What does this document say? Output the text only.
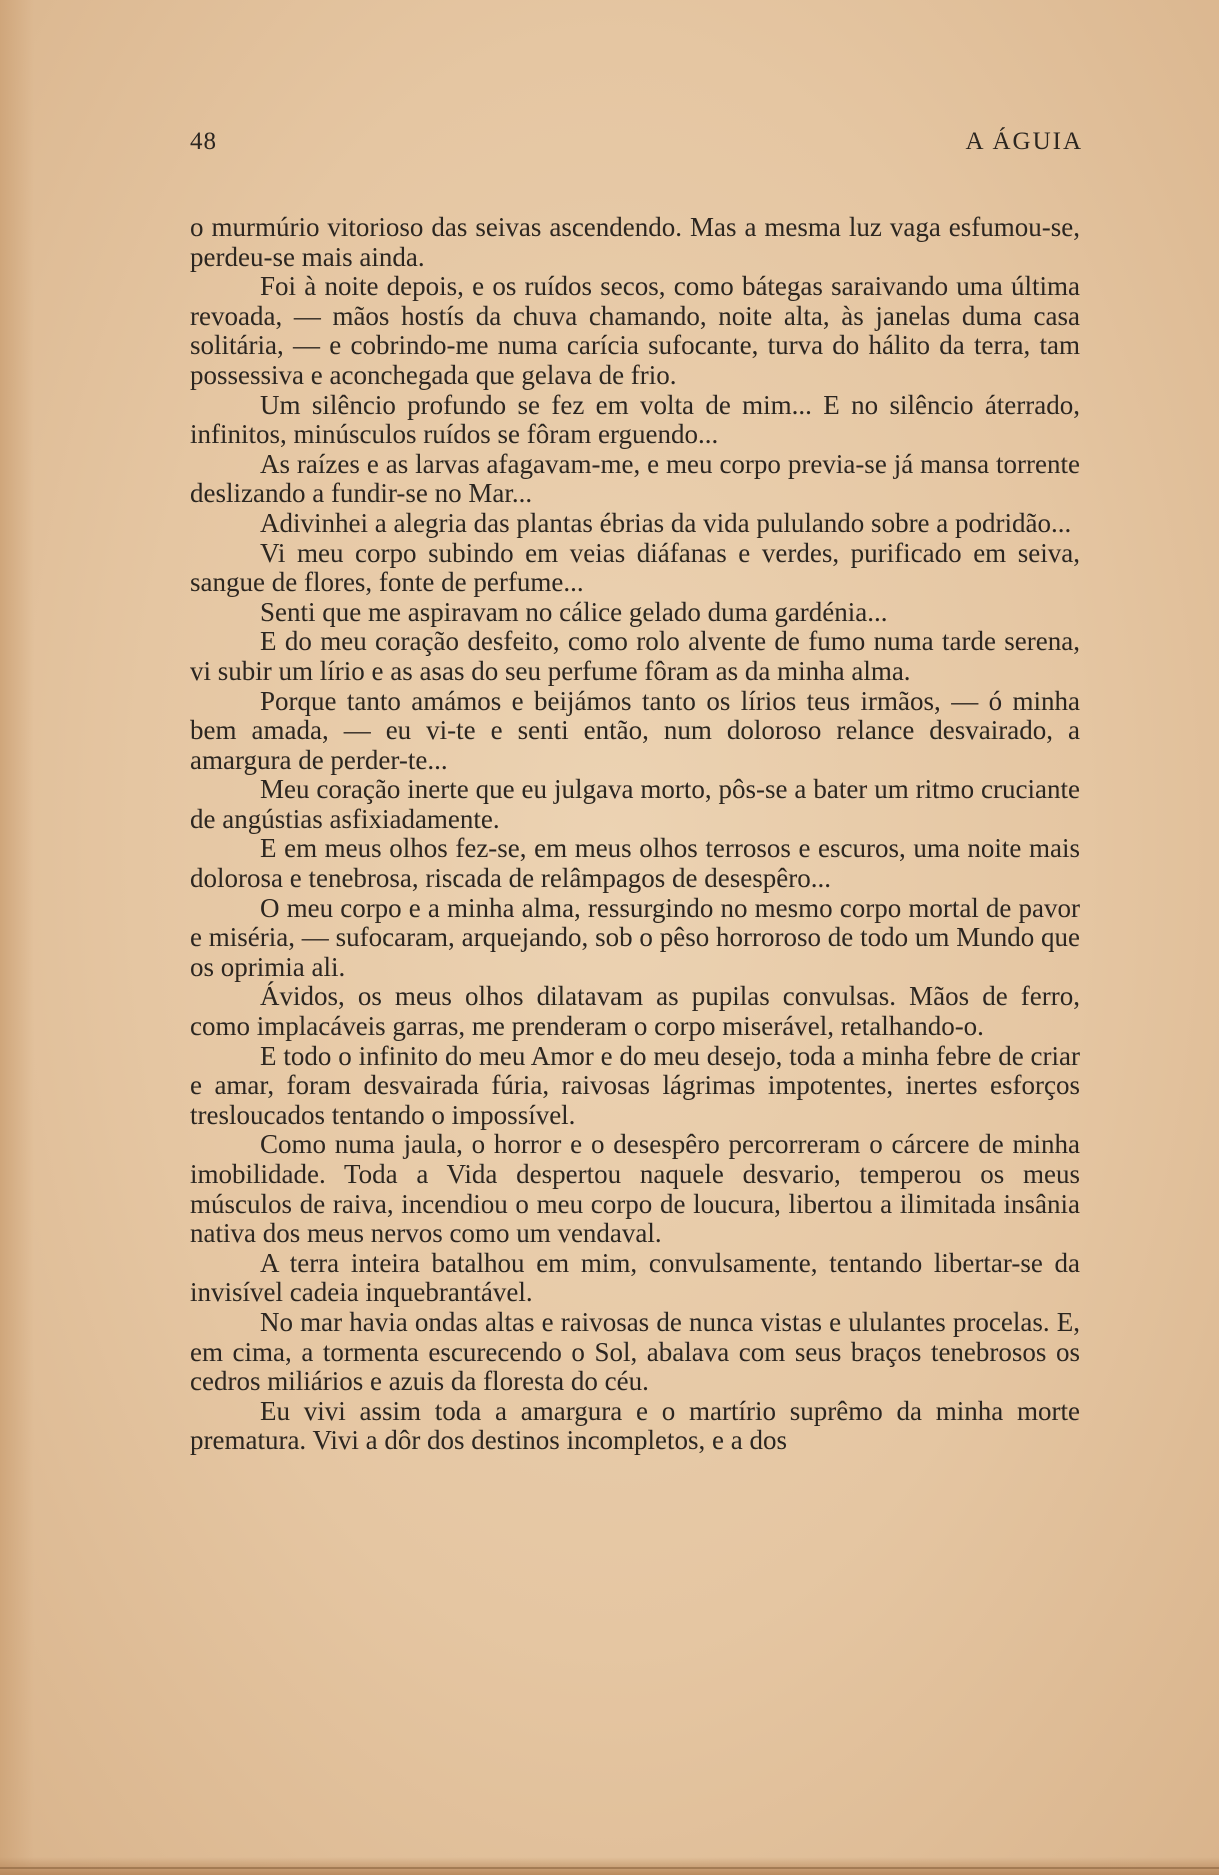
48	A ÁGUIA

o murmúrio vitorioso das seivas ascendendo. Mas a mesma luz vaga esfumou-se, perdeu-se mais ainda.

Foi à noite depois, e os ruídos secos, como bátegas saraivando uma última revoada, — mãos hostís da chuva chamando, noite alta, às janelas duma casa solitária, — e cobrindo-me numa carícia sufocante, turva do hálito da terra, tam possessiva e aconchegada que gelava de frio.

Um silêncio profundo se fez em volta de mim... E no silêncio áterrado, infinitos, minúsculos ruídos se fôram erguendo...

As raízes e as larvas afagavam-me, e meu corpo previa-se já mansa torrente deslizando a fundir-se no Mar...

Adivinhei a alegria das plantas ébrias da vida pululando sobre a podridão...

Vi meu corpo subindo em veias diáfanas e verdes, purificado em seiva, sangue de flores, fonte de perfume...

Senti que me aspiravam no cálice gelado duma gardénia...

E do meu coração desfeito, como rolo alvente de fumo numa tarde serena, vi subir um lírio e as asas do seu perfume fôram as da minha alma.

Porque tanto amámos e beijámos tanto os lírios teus irmãos, — ó minha bem amada, — eu vi-te e senti então, num doloroso relance desvairado, a amargura de perder-te...

Meu coração inerte que eu julgava morto, pôs-se a bater um ritmo cruciante de angústias asfixiadamente.

E em meus olhos fez-se, em meus olhos terrosos e escuros, uma noite mais dolorosa e tenebrosa, riscada de relâmpagos de desespêro...

O meu corpo e a minha alma, ressurgindo no mesmo corpo mortal de pavor e miséria, — sufocaram, arquejando, sob o pêso horroroso de todo um Mundo que os oprimia ali.

Ávidos, os meus olhos dilatavam as pupilas convulsas. Mãos de ferro, como implacáveis garras, me prenderam o corpo miserável, retalhando-o.

E todo o infinito do meu Amor e do meu desejo, toda a minha febre de criar e amar, foram desvairada fúria, raivosas lágrimas impotentes, inertes esforços tresloucados tentando o impossível.

Como numa jaula, o horror e o desespêro percorreram o cárcere de minha imobilidade. Toda a Vida despertou naquele desvario, temperou os meus músculos de raiva, incendiou o meu corpo de loucura, libertou a ilimitada insânia nativa dos meus nervos como um vendaval.

A terra inteira batalhou em mim, convulsamente, tentando libertar-se da invisível cadeia inquebrantável.

No mar havia ondas altas e raivosas de nunca vistas e ululantes procelas. E, em cima, a tormenta escurecendo o Sol, abalava com seus braços tenebrosos os cedros miliários e azuis da floresta do céu.

Eu vivi assim toda a amargura e o martírio suprêmo da minha morte prematura. Vivi a dôr dos destinos incompletos, e a dos
